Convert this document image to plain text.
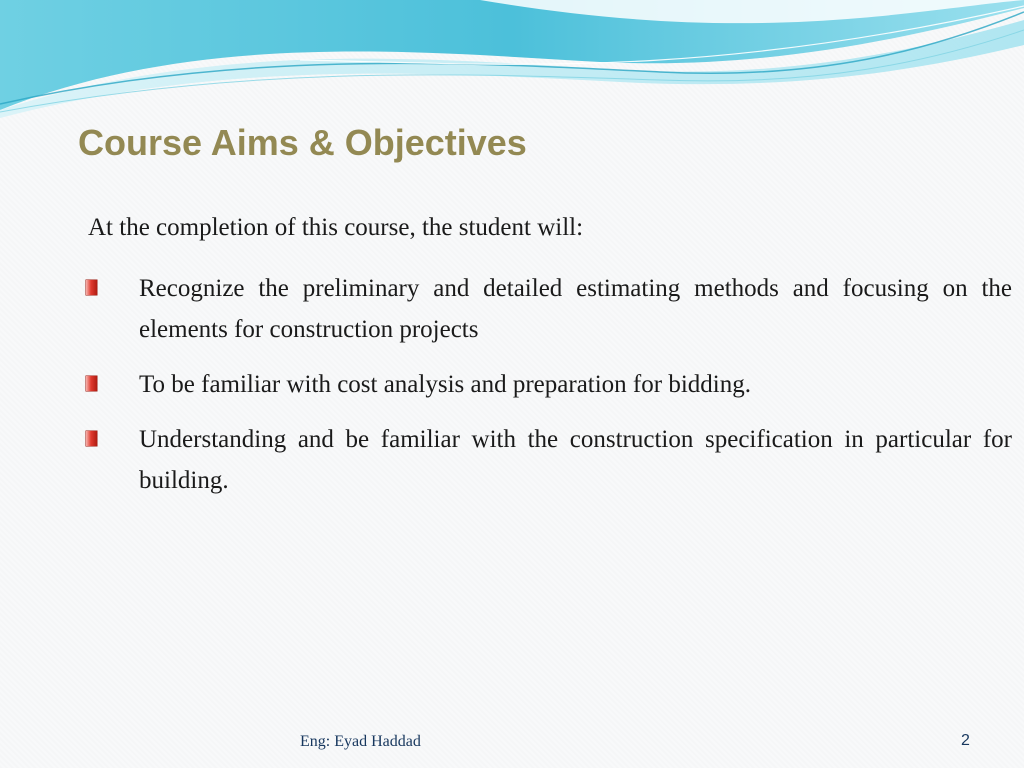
Course Aims & Objectives
At the completion of this course, the student will:
Recognize the preliminary and detailed estimating methods and focusing on the elements for construction projects
To be familiar with cost analysis and preparation for bidding.
Understanding and be familiar with the construction specification in particular for building.
Eng: Eyad Haddad	2
